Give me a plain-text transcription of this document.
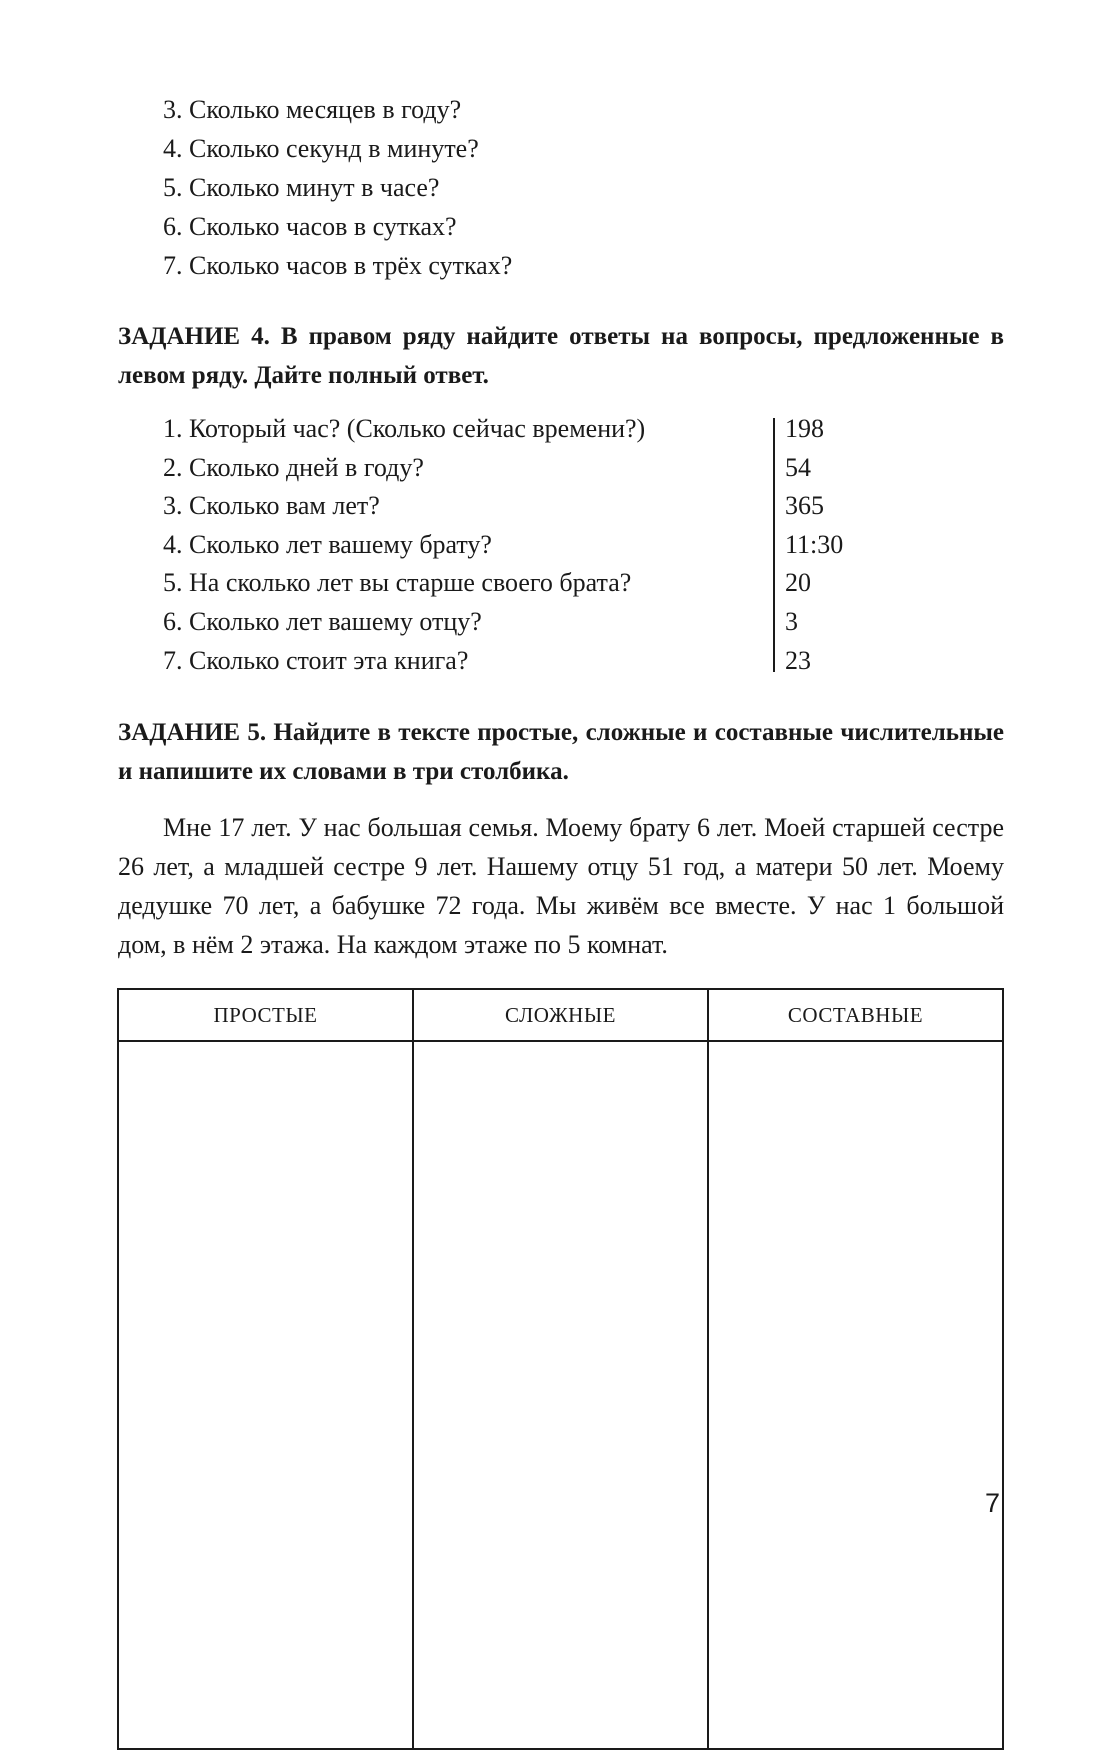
3. Сколько месяцев в году?
4. Сколько секунд в минуте?
5. Сколько минут в часе?
6. Сколько часов в сутках?
7. Сколько часов в трёх сутках?
ЗАДАНИЕ 4. В правом ряду найдите ответы на вопросы, предложенные в левом ряду. Дайте полный ответ.
1. Который час? (Сколько сейчас времени?)	198
2. Сколько дней в году?	54
3. Сколько вам лет?	365
4. Сколько лет вашему брату?	11:30
5. На сколько лет вы старше своего брата?	20
6. Сколько лет вашему отцу?	3
7. Сколько стоит эта книга?	23
ЗАДАНИЕ 5. Найдите в тексте простые, сложные и составные числительные и напишите их словами в три столбика.

Мне 17 лет. У нас большая семья. Моему брату 6 лет. Моей старшей сестре 26 лет, а младшей сестре 9 лет. Нашему отцу 51 год, а матери 50 лет. Моему дедушке 70 лет, а бабушке 72 года. Мы живём все вместе. У нас 1 большой дом, в нём 2 этажа. На каждом этаже по 5 комнат.

ПРОСТЫЕ	СЛОЖНЫЕ	СОСТАВНЫЕ
7
